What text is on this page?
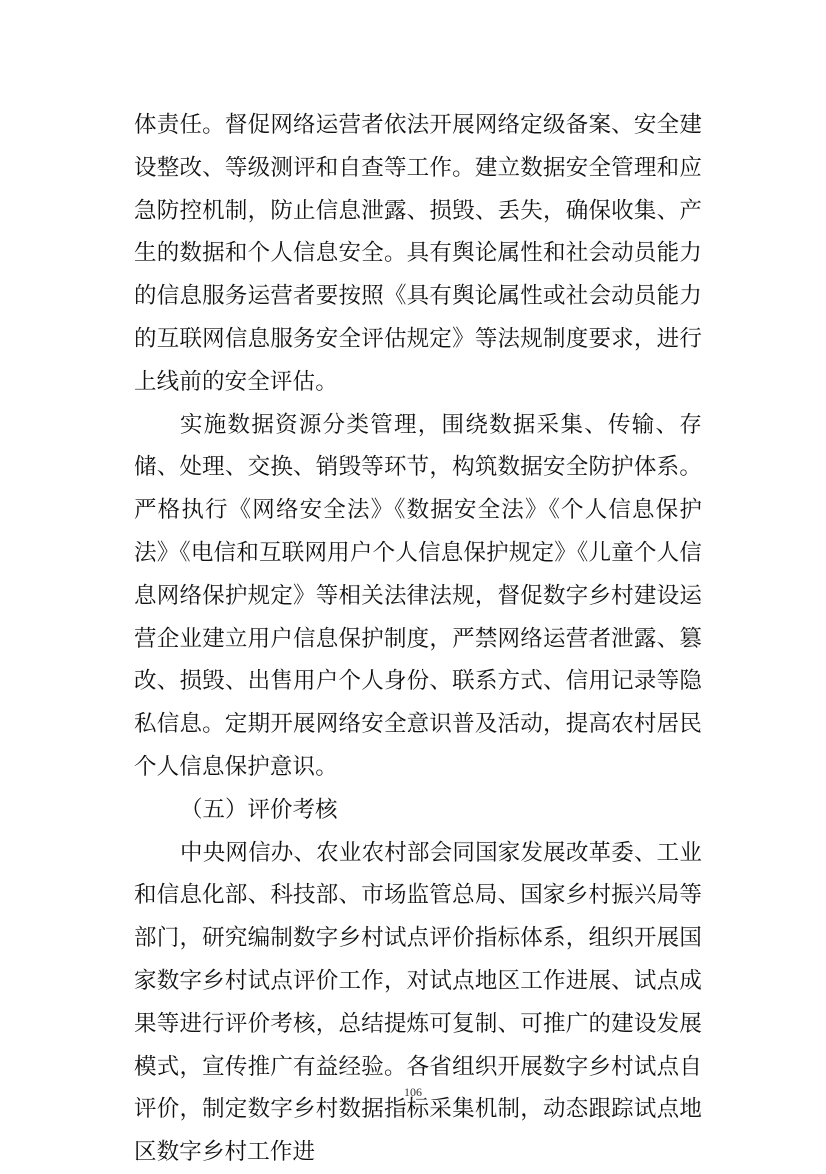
体责任。督促网络运营者依法开展网络定级备案、安全建设整改、等级测评和自查等工作。建立数据安全管理和应急防控机制，防止信息泄露、损毁、丢失，确保收集、产生的数据和个人信息安全。具有舆论属性和社会动员能力的信息服务运营者要按照《具有舆论属性或社会动员能力的互联网信息服务安全评估规定》等法规制度要求，进行上线前的安全评估。

实施数据资源分类管理，围绕数据采集、传输、存储、处理、交换、销毁等环节，构筑数据安全防护体系。严格执行《网络安全法》《数据安全法》《个人信息保护法》《电信和互联网用户个人信息保护规定》《儿童个人信息网络保护规定》等相关法律法规，督促数字乡村建设运营企业建立用户信息保护制度，严禁网络运营者泄露、篡改、损毁、出售用户个人身份、联系方式、信用记录等隐私信息。定期开展网络安全意识普及活动，提高农村居民个人信息保护意识。

（五）评价考核

中央网信办、农业农村部会同国家发展改革委、工业和信息化部、科技部、市场监管总局、国家乡村振兴局等部门，研究编制数字乡村试点评价指标体系，组织开展国家数字乡村试点评价工作，对试点地区工作进展、试点成果等进行评价考核，总结提炼可复制、可推广的建设发展模式，宣传推广有益经验。各省组织开展数字乡村试点自评价，制定数字乡村数据指标采集机制，动态跟踪试点地区数字乡村工作进

106
